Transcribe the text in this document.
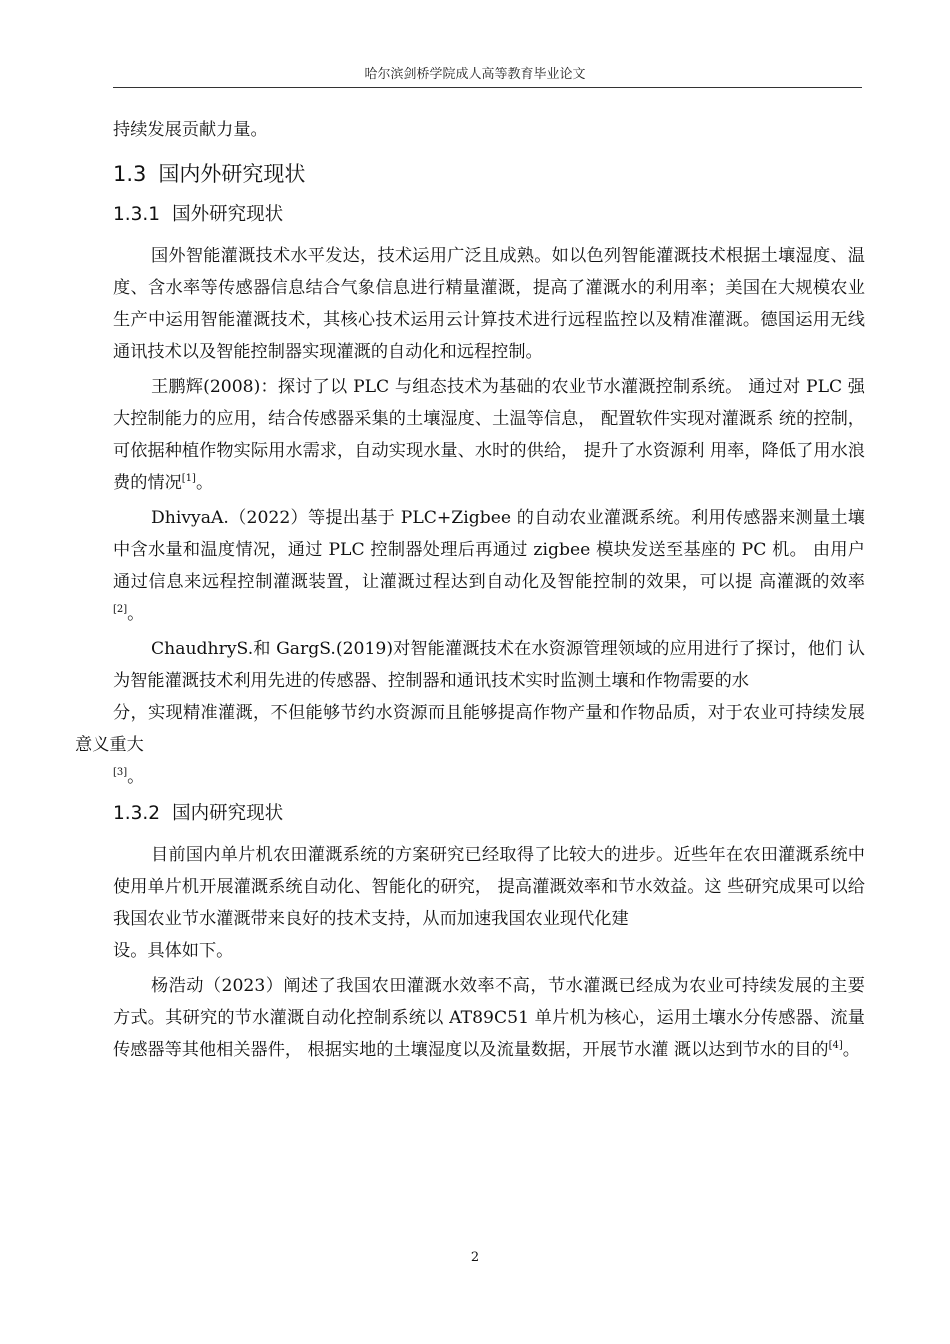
哈尔滨剑桥学院成人高等教育毕业论文

持续发展贡献力量。

1.3 国内外研究现状
1.3.1 国外研究现状

国外智能灌溉技术水平发达，技术运用广泛且成熟。如以色列智能灌溉技术根据土壤湿度、温度、含水率等传感器信息结合气象信息进行精量灌溉，提高了灌溉水的利用率；美国在大规模农业生产中运用智能灌溉技术，其核心技术运用云计算技术进行远程监控以及精准灌溉。德国运用无线通讯技术以及智能控制器实现灌溉的自动化和远程控制。

王鹏辉(2008)：探讨了以 PLC 与组态技术为基础的农业节水灌溉控制系统。 通过对 PLC 强大控制能力的应用，结合传感器采集的土壤湿度、土温等信息， 配置软件实现对灌溉系 统的控制，可依据种植作物实际用水需求，自动实现水量、水时的供给， 提升了水资源利 用率，降低了用水浪费的情况[1]。

DhivyaA.（2022）等提出基于 PLC+Zigbee 的自动农业灌溉系统。利用传感器来测量土壤中含水量和温度情况，通过 PLC 控制器处理后再通过 zigbee 模块发送至基座的 PC 机。 由用户通过信息来远程控制灌溉装置，让灌溉过程达到自动化及智能控制的效果，可以提 高灌溉的效率[2]。

ChaudhryS.和 GargS.(2019)对智能灌溉技术在水资源管理领域的应用进行了探讨，他们 认为智能灌溉技术利用先进的传感器、控制器和通讯技术实时监测土壤和作物需要的水
分，实现精准灌溉，不但能够节约水资源而且能够提高作物产量和作物品质，对于农业可持续发展意义重大[3]。

1.3.2 国内研究现状

目前国内单片机农田灌溉系统的方案研究已经取得了比较大的进步。近些年在农田灌溉系统中使用单片机开展灌溉系统自动化、智能化的研究， 提高灌溉效率和节水效益。这 些研究成果可以给我国农业节水灌溉带来良好的技术支持，从而加速我国农业现代化建
设。具体如下。

杨浩动（2023）阐述了我国农田灌溉水效率不高，节水灌溉已经成为农业可持续发展的主要方式。其研究的节水灌溉自动化控制系统以 AT89C51 单片机为核心，运用土壤水分传感器、流量传感器等其他相关器件， 根据实地的土壤湿度以及流量数据，开展节水灌 溉以达到节水的目的[4]。

2
